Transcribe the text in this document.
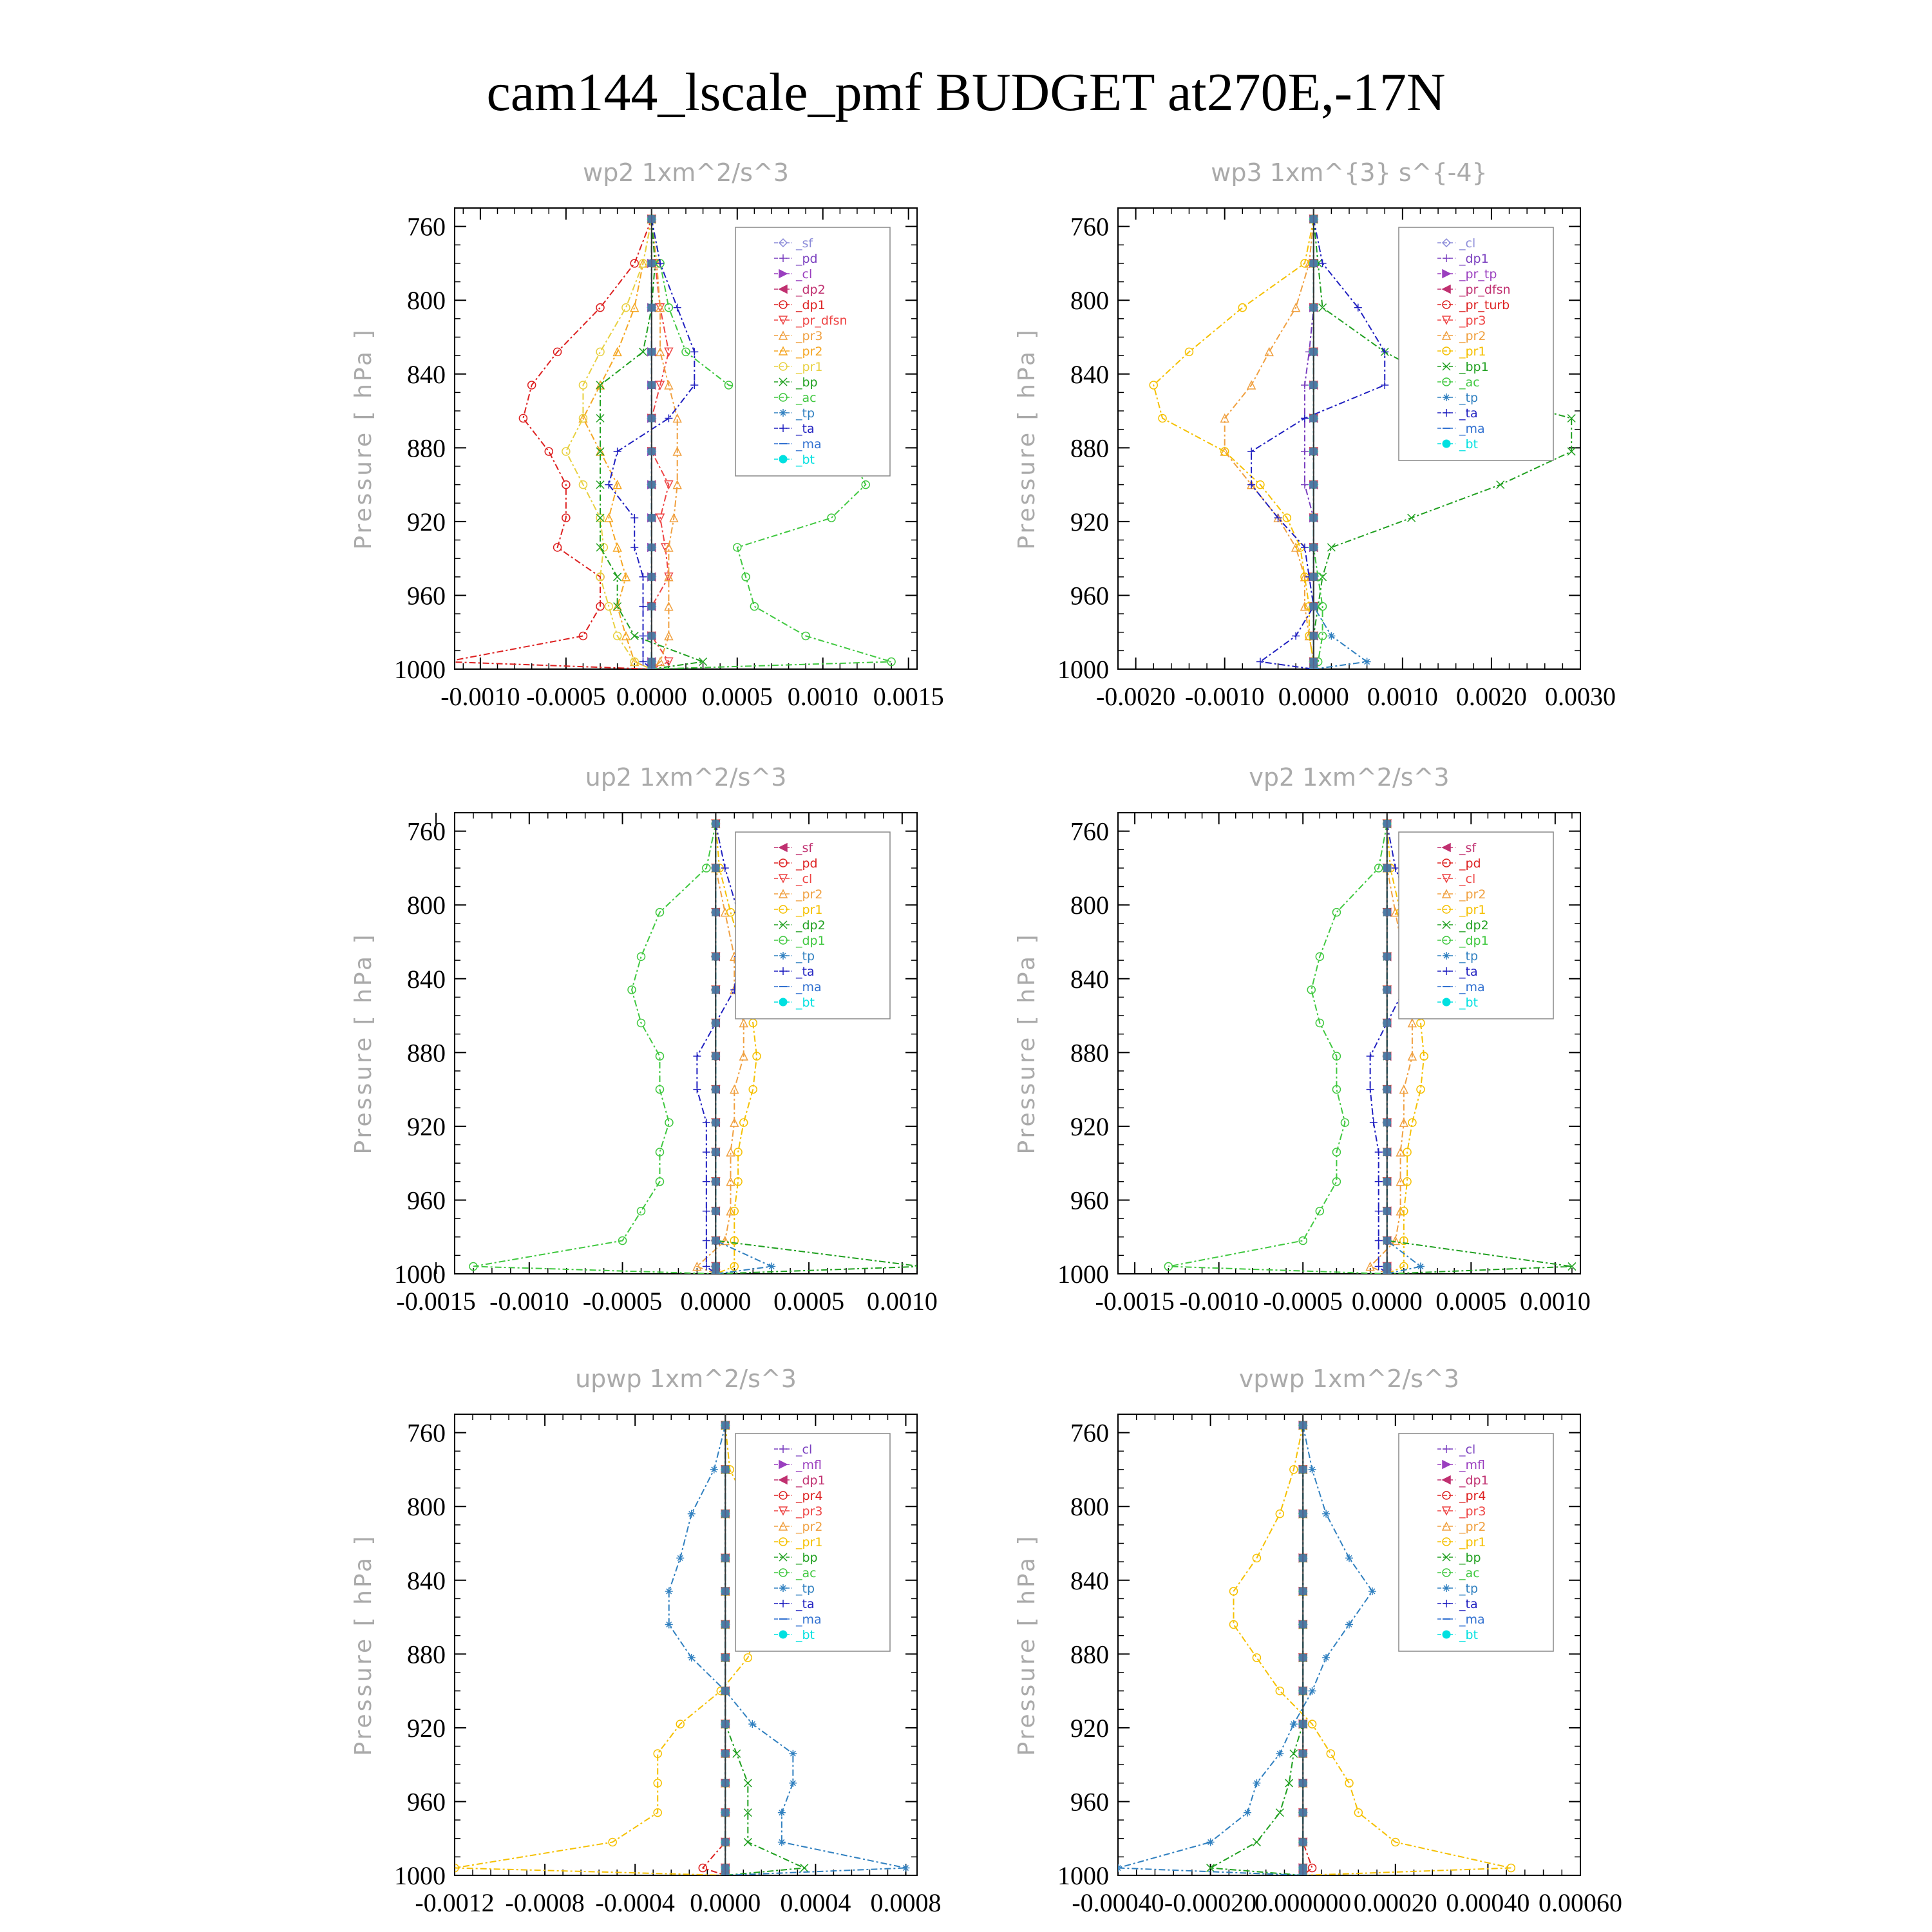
cam144_lscale_pmf BUDGET at270E,-17N
wp2 1xm^2/s^3
Pressure [ hPa ]
760
800
840
880
920
960
1000
-0.0010 -0.0005 0.0000 0.0005 0.0010 0.0015
_sf
_pd
_cl
_dp2
_dp1
_pr_dfsn
_pr3
_pr2
_pr1
_bp
_ac
_tp
_ta
_ma
_bt
wp3 1xm^{3} s^{-4}
Pressure [ hPa ]
760
800
840
880
920
960
1000
-0.0020 -0.0010 0.0000 0.0010 0.0020 0.0030
_cl
_dp1
_pr_tp
_pr_dfsn
_pr_turb
_pr3
_pr2
_pr1
_bp1
_ac
_tp
_ta
_ma
_bt
up2 1xm^2/s^3
Pressure [ hPa ]
760
800
840
880
920
960
1000
-0.0015 -0.0010 -0.0005 0.0000 0.0005 0.0010
_sf
_pd
_cl
_pr2
_pr1
_dp2
_dp1
_tp
_ta
_ma
_bt
vp2 1xm^2/s^3
Pressure [ hPa ]
760
800
840
880
920
960
1000
-0.0015 -0.0010 -0.0005 0.0000 0.0005 0.0010
_sf
_pd
_cl
_pr2
_pr1
_dp2
_dp1
_tp
_ta
_ma
_bt
upwp 1xm^2/s^3
Pressure [ hPa ]
760
800
840
880
920
960
1000
-0.0012 -0.0008 -0.0004 0.0000 0.0004 0.0008
_cl
_mfl
_dp1
_pr4
_pr3
_pr2
_pr1
_bp
_ac
_tp
_ta
_ma
_bt
vpwp 1xm^2/s^3
Pressure [ hPa ]
760
800
840
880
920
960
1000
-0.00040 -0.00020
0.000000 0.00020 0.00040 0.00060
_cl
_mfl
_dp1
_pr4
_pr3
_pr2
_pr1
_bp
_ac
_tp
_ta
_ma
_bt
